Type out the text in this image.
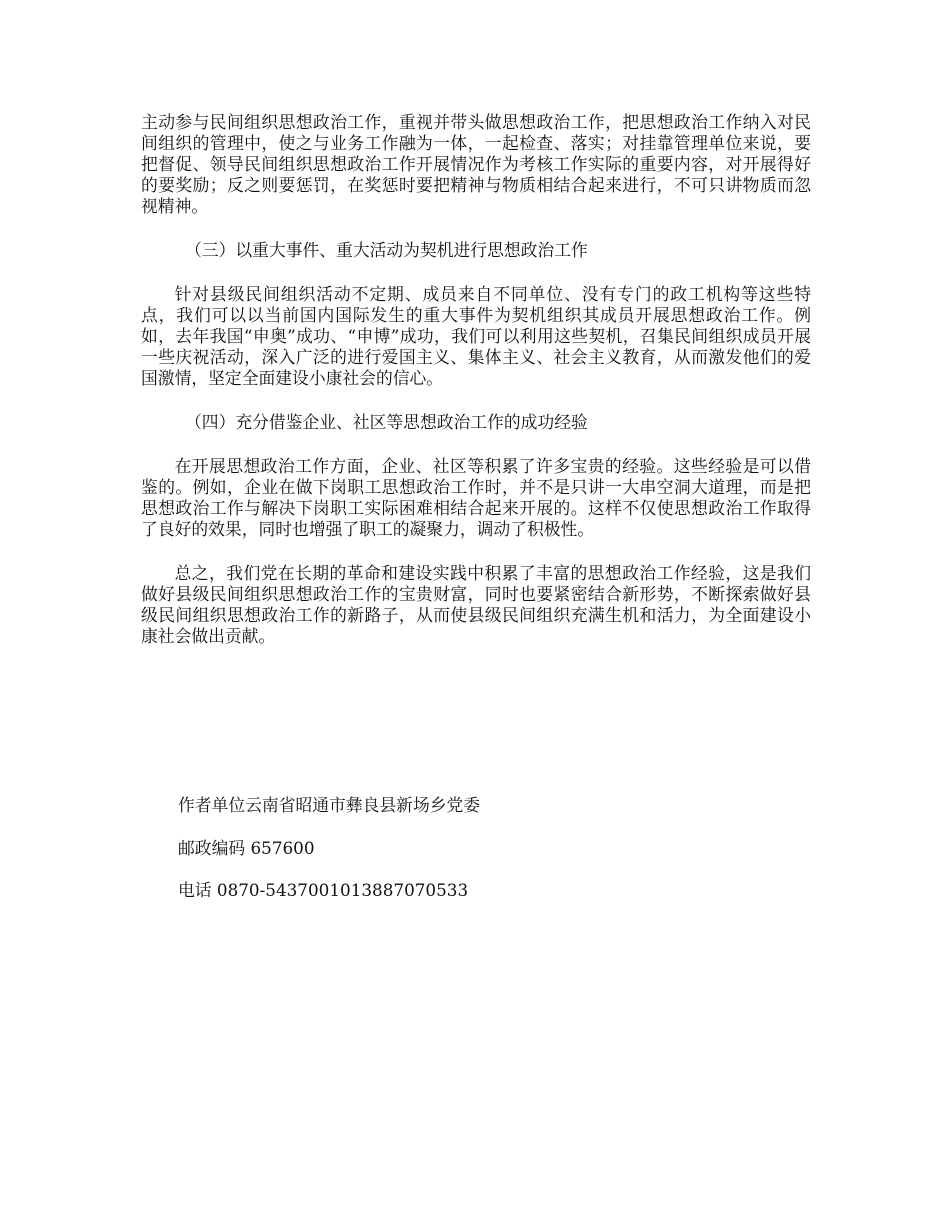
主动参与民间组织思想政治工作，重视并带头做思想政治工作，把思想政治工作纳入对民间组织的管理中，使之与业务工作融为一体，一起检查、落实；对挂靠管理单位来说，要把督促、领导民间组织思想政治工作开展情况作为考核工作实际的重要内容，对开展得好的要奖励；反之则要惩罚，在奖惩时要把精神与物质相结合起来进行，不可只讲物质而忽视精神。

（三）以重大事件、重大活动为契机进行思想政治工作

针对县级民间组织活动不定期、成员来自不同单位、没有专门的政工机构等这些特点，我们可以以当前国内国际发生的重大事件为契机组织其成员开展思想政治工作。例如，去年我国“申奥”成功、“申博”成功，我们可以利用这些契机，召集民间组织成员开展一些庆祝活动，深入广泛的进行爱国主义、集体主义、社会主义教育，从而激发他们的爱国激情，坚定全面建设小康社会的信心。

（四）充分借鉴企业、社区等思想政治工作的成功经验

在开展思想政治工作方面，企业、社区等积累了许多宝贵的经验。这些经验是可以借鉴的。例如，企业在做下岗职工思想政治工作时，并不是只讲一大串空洞大道理，而是把思想政治工作与解决下岗职工实际困难相结合起来开展的。这样不仅使思想政治工作取得了良好的效果，同时也增强了职工的凝聚力，调动了积极性。

总之，我们党在长期的革命和建设实践中积累了丰富的思想政治工作经验，这是我们做好县级民间组织思想政治工作的宝贵财富，同时也要紧密结合新形势，不断探索做好县级民间组织思想政治工作的新路子，从而使县级民间组织充满生机和活力，为全面建设小康社会做出贡献。

作者单位云南省昭通市彝良县新场乡党委

邮政编码 657600

电话 0870-5437001013887070533
